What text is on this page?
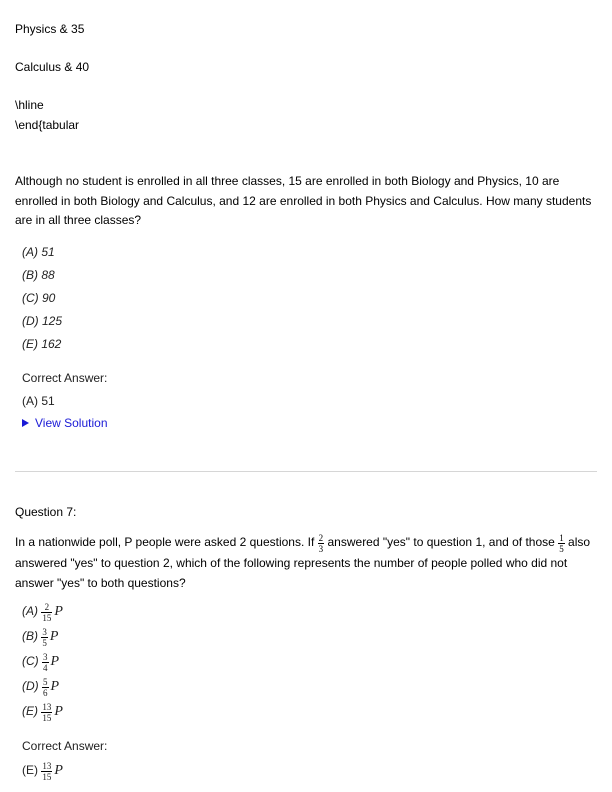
Physics & 35
Calculus & 40
\hline
\end{tabular
Although no student is enrolled in all three classes, 15 are enrolled in both Biology and Physics, 10 are enrolled in both Biology and Calculus, and 12 are enrolled in both Physics and Calculus. How many students are in all three classes?
(A) 51
(B) 88
(C) 90
(D) 125
(E) 162
Correct Answer:
(A) 51
View Solution
Question 7:
In a nationwide poll, P people were asked 2 questions. If $\frac{2}{3}$ answered "yes" to question 1, and of those $\frac{1}{5}$ also answered "yes" to question 2, which of the following represents the number of people polled who did not answer "yes" to both questions?
$(A) \frac{2}{15}$ P
$(B) \frac{3}{5}$ P
$(C) \frac{3}{4}$ P
$(D) \frac{5}{6}$ P
$(E) \frac{13}{15}$ P
Correct Answer:
$(E) \frac{13}{15}$ P
